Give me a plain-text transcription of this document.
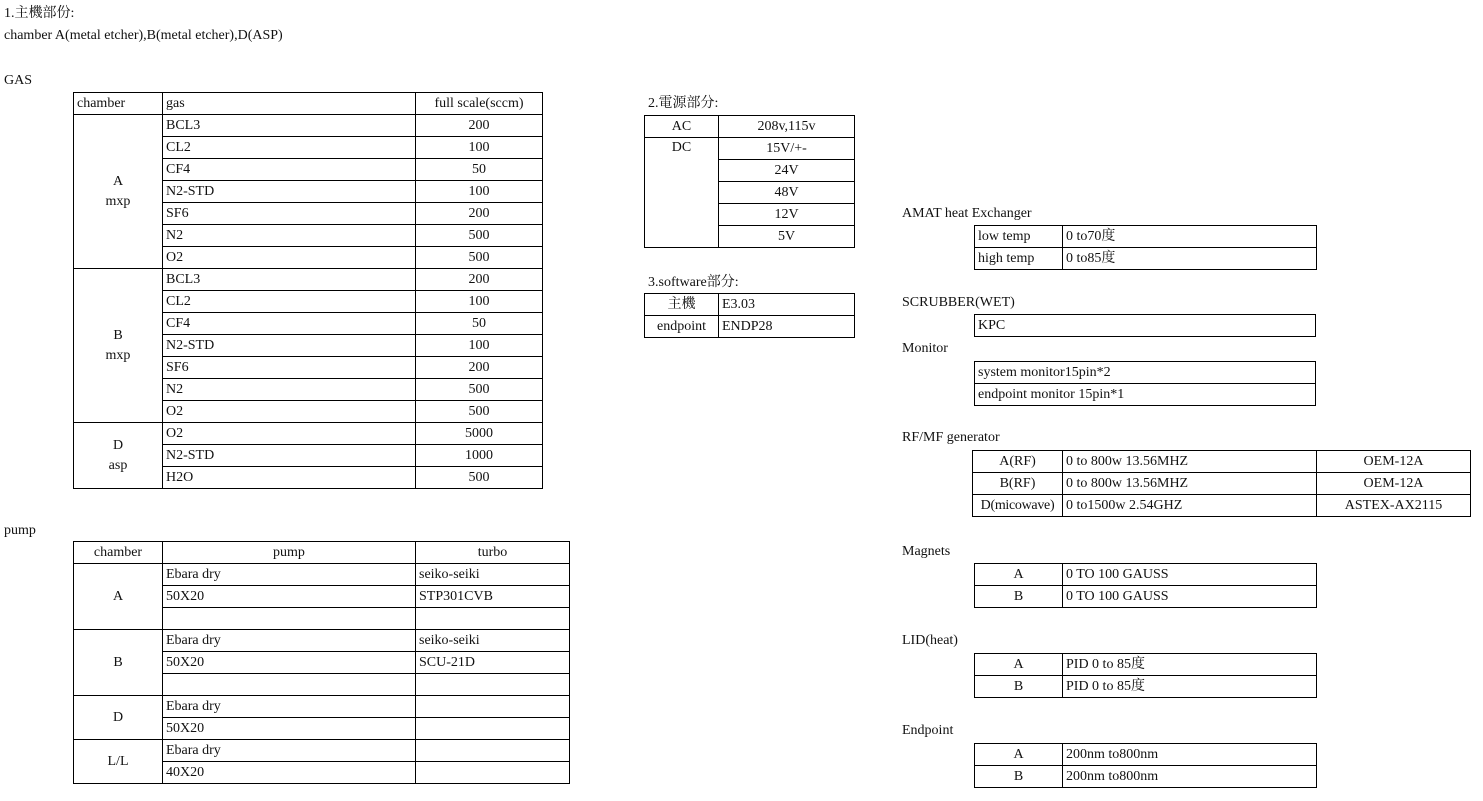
1.主機部份:
chamber A(metal etcher),B(metal etcher),D(ASP)
GAS
chamber	gas	full scale(sccm)

A
mxp	BCL3	200
	CL2	100
	CF4	50
	N2-STD	100
	SF6	200
	N2	500
	O2	500

B
mxp	BCL3	200
	CL2	100
	CF4	50
	N2-STD	100
	SF6	200
	N2	500
	O2	500

D
asp	O2	5000
	N2-STD	1000
	H2O	500
pump
chamber	pump	turbo
A	Ebara dry	seiko-seiki
	50X20	STP301CVB

B	Ebara dry	seiko-seiki
	50X20	SCU-21D

D	Ebara dry	
	50X20	
L/L	Ebara dry	
	40X20	
2.電源部分:
AC	208v,115v
DC	15V/+-
	24V
	48V
	12V
	5V
3.software部分:
主機	E3.03
endpoint	ENDP28
AMAT heat Exchanger
low temp	0 to70度
high temp	0 to85度
SCRUBBER(WET)
KPC
Monitor
system monitor15pin*2
endpoint monitor 15pin*1
RF/MF generator
A(RF)	0 to 800w 13.56MHZ	OEM-12A
B(RF)	0 to 800w 13.56MHZ	OEM-12A
D(micowave)	0 to1500w 2.54GHZ	ASTEX-AX2115
Magnets
A	0 TO 100 GAUSS
B	0 TO 100 GAUSS
LID(heat)
A	PID 0 to 85度
B	PID 0 to 85度
Endpoint
A	200nm to800nm
B	200nm to800nm
